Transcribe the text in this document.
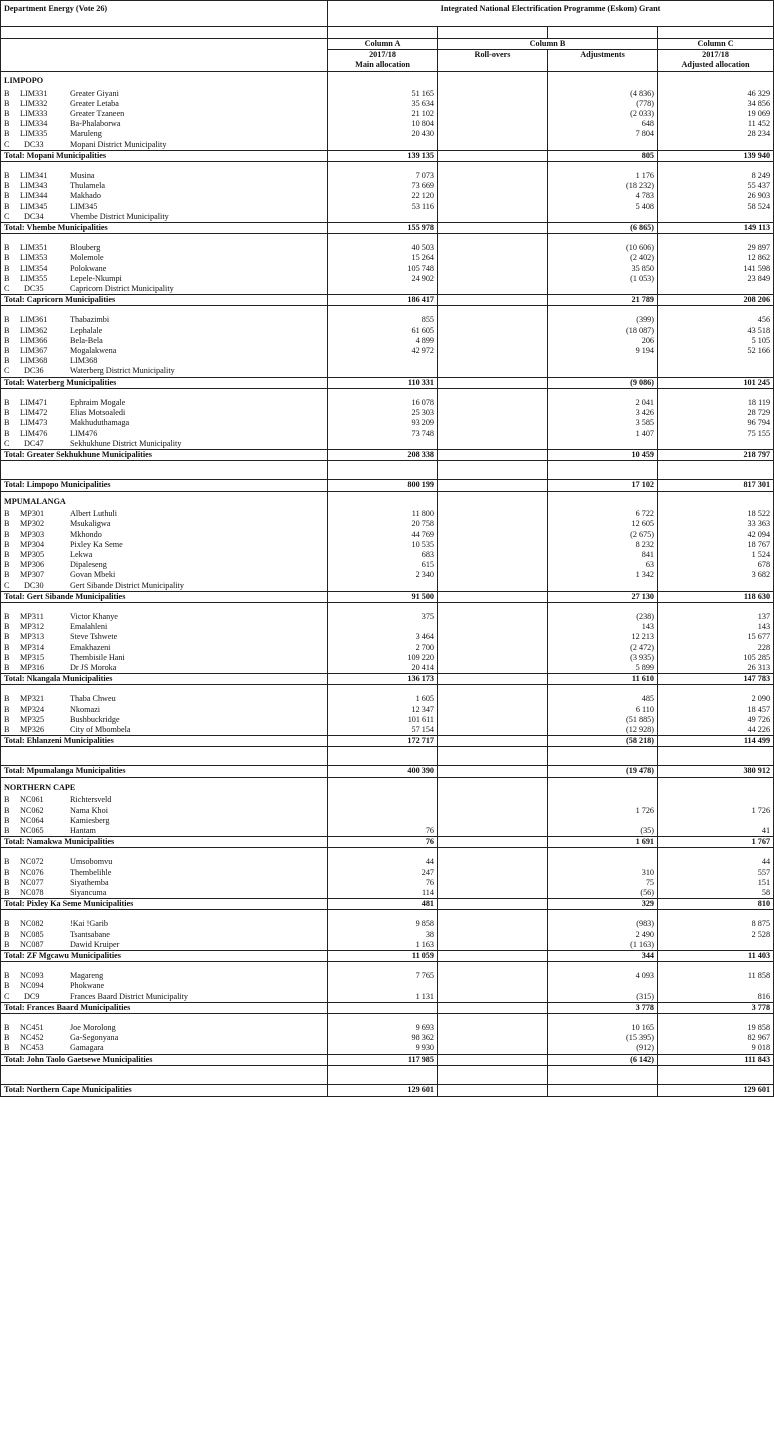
Department Energy (Vote 26)	Integrated National Electrification Programme (Eskom) Grant			

	Column A	Column B		Column C
	2017/18	Roll-overs	Adjustments	2017/18
	Main allocation			Adjusted allocation
LIMPOPO				
B LIM331 Greater Giyani	51 165		(4 836)	46 329
B LIM332 Greater Letaba	35 634		(778)	34 856
B LIM333 Greater Tzaneen	21 102		(2 033)	19 069
B LIM334 Ba-Phalaborwa	10 804		648	11 452
B LIM335 Maruleng	20 430		7 804	28 234
C DC33 Mopani District Municipality				
Total: Mopani Municipalities	139 135		805	139 940

B LIM341 Musina	7 073		1 176	8 249
B LIM343 Thulamela	73 669		(18 232)	55 437
B LIM344 Makhado	22 120		4 783	26 903
B LIM345 LIM345	53 116		5 408	58 524
C DC34 Vhembe District Municipality				
Total: Vhembe Municipalities	155 978		(6 865)	149 113

B LIM351 Blouberg	40 503		(10 606)	29 897
B LIM353 Molemole	15 264		(2 402)	12 862
B LIM354 Polokwane	105 748		35 850	141 598
B LIM355 Lepele-Nkumpi	24 902		(1 053)	23 849
C DC35 Capricorn District Municipality				
Total: Capricorn Municipalities	186 417		21 789	208 206

B LIM361 Thabazimbi	855		(399)	456
B LIM362 Lephalale	61 605		(18 087)	43 518
B LIM366 Bela-Bela	4 899		206	5 105
B LIM367 Mogalakwena	42 972		9 194	52 166
B LIM368 LIM368				
C DC36 Waterberg District Municipality				
Total: Waterberg Municipalities	110 331		(9 086)	101 245

B LIM471 Ephraim Mogale	16 078		2 041	18 119
B LIM472 Elias Motsoaledi	25 303		3 426	28 729
B LIM473 Makhuduthamaga	93 209		3 585	96 794
B LIM476 LIM476	73 748		1 407	75 155
C DC47 Sekhukhune District Municipality				
Total: Greater Sekhukhune Municipalities	208 338		10 459	218 797

Total: Limpopo Municipalities	800 199		17 102	817 301
MPUMALANGA				
B MP301 Albert Luthuli	11 800		6 722	18 522
B MP302 Msukaligwa	20 758		12 605	33 363
B MP303 Mkhondo	44 769		(2 675)	42 094
B MP304 Pixley Ka Seme	10 535		8 232	18 767
B MP305 Lekwa	683		841	1 524
B MP306 Dipaleseng	615		63	678
B MP307 Govan Mbeki	2 340		1 342	3 682
C DC30 Gert Sibande District Municipality				
Total: Gert Sibande Municipalities	91 500		27 130	118 630

B MP311 Victor Khanye	375		(238)	137
B MP312 Emalahleni			143	143
B MP313 Steve Tshwete	3 464		12 213	15 677
B MP314 Emakhazeni	2 700		(2 472)	228
B MP315 Thembisile Hani	109 220		(3 935)	105 285
B MP316 Dr JS Moroka	20 414		5 899	26 313
Total: Nkangala Municipalities	136 173		11 610	147 783

B MP321 Thaba Chweu	1 605		485	2 090
B MP324 Nkomazi	12 347		6 110	18 457
B MP325 Bushbuckridge	101 611		(51 885)	49 726
B MP326 City of Mbombela	57 154		(12 928)	44 226
Total: Ehlanzeni Municipalities	172 717		(58 218)	114 499

Total: Mpumalanga Municipalities	400 390		(19 478)	380 912
NORTHERN CAPE				
B NC061 Richtersveld				
B NC062 Nama Khoi			1 726	1 726
B NC064 Kamiesberg				
B NC065 Hantam	76		(35)	41
Total: Namakwa Municipalities	76		1 691	1 767

B NC072 Umsobomvu	44			44
B NC076 Thembelihle	247		310	557
B NC077 Siyathemba	76		75	151
B NC078 Siyancuma	114		(56)	58
Total: Pixley Ka Seme Municipalities	481		329	810

B NC082 !Kai !Garib	9 858		(983)	8 875
B NC085 Tsantsabane	38		2 490	2 528
B NC087 Dawid Kruiper	1 163		(1 163)	
Total: ZF Mgcawu Municipalities	11 059		344	11 403

B NC093 Magareng	7 765		4 093	11 858
B NC094 Phokwane				
C DC9 Frances Baard District Municipality	1 131		(315)	816
Total: Frances Baard Municipalities			3 778	3 778

B NC451 Joe Morolong	9 693		10 165	19 858
B NC452 Ga-Segonyana	98 362		(15 395)	82 967
B NC453 Gamagara	9 930		(912)	9 018
Total: John Taolo Gaetsewe Municipalities	117 985		(6 142)	111 843

Total: Northern Cape Municipalities	129 601			129 601
